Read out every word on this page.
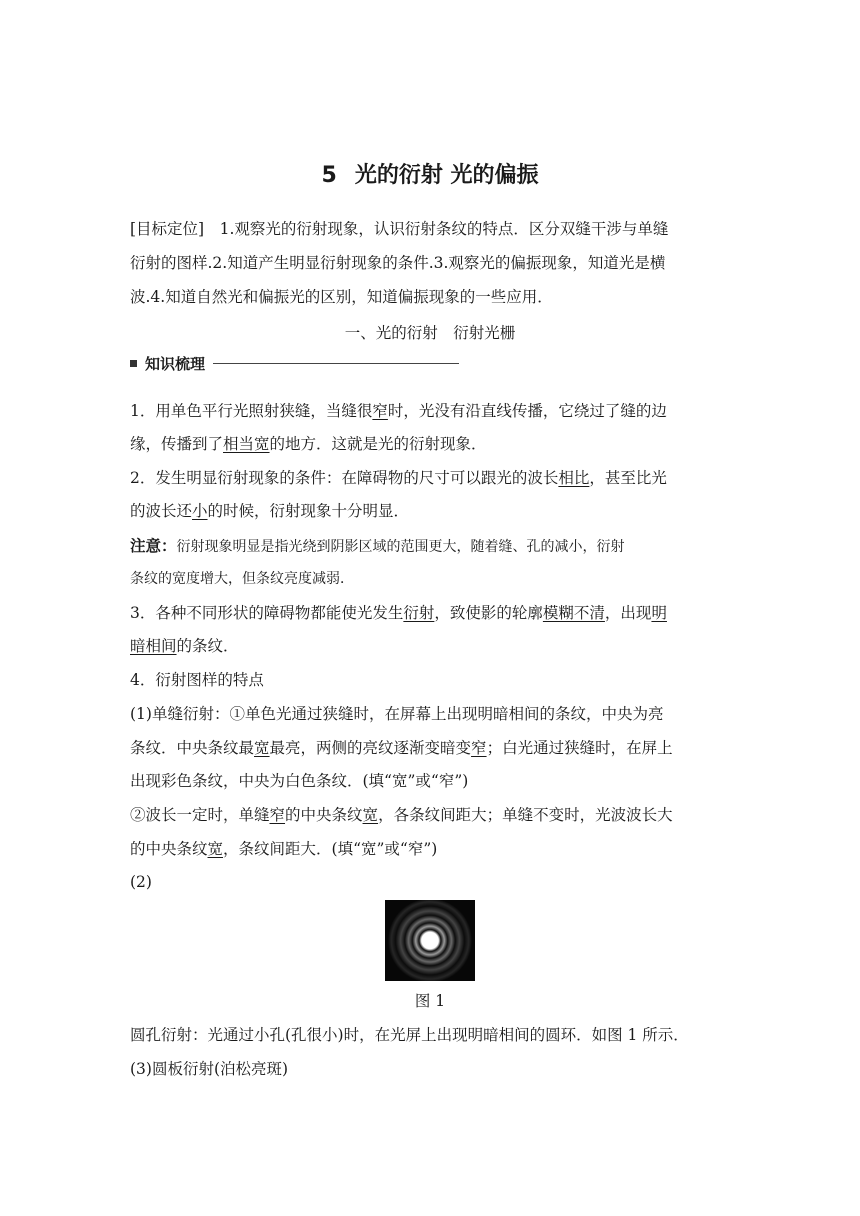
5 光的衍射 光的偏振
[目标定位]　1.观察光的衍射现象，认识衍射条纹的特点．区分双缝干涉与单缝
衍射的图样.2.知道产生明显衍射现象的条件.3.观察光的偏振现象，知道光是横
波.4.知道自然光和偏振光的区别，知道偏振现象的一些应用．
一、光的衍射　衍射光栅
知识梳理
1．用单色平行光照射狭缝，当缝很窄时，光没有沿直线传播，它绕过了缝的边
缘，传播到了相当宽的地方．这就是光的衍射现象．
2．发生明显衍射现象的条件：在障碍物的尺寸可以跟光的波长相比，甚至比光
的波长还小的时候，衍射现象十分明显．
注意：衍射现象明显是指光绕到阴影区域的范围更大，随着缝、孔的减小，衍射
条纹的宽度增大，但条纹亮度减弱．
3．各种不同形状的障碍物都能使光发生衍射，致使影的轮廓模糊不清，出现明
暗相间的条纹．
4．衍射图样的特点
(1)单缝衍射：①单色光通过狭缝时，在屏幕上出现明暗相间的条纹，中央为亮
条纹．中央条纹最宽最亮，两侧的亮纹逐渐变暗变窄；白光通过狭缝时，在屏上
出现彩色条纹，中央为白色条纹．(填“宽”或“窄”)
②波长一定时，单缝窄的中央条纹宽，各条纹间距大；单缝不变时，光波波长大
的中央条纹宽，条纹间距大．(填“宽”或“窄”)
(2)
图 1
圆孔衍射：光通过小孔(孔很小)时，在光屏上出现明暗相间的圆环．如图 1 所示．
(3)圆板衍射(泊松亮斑)
